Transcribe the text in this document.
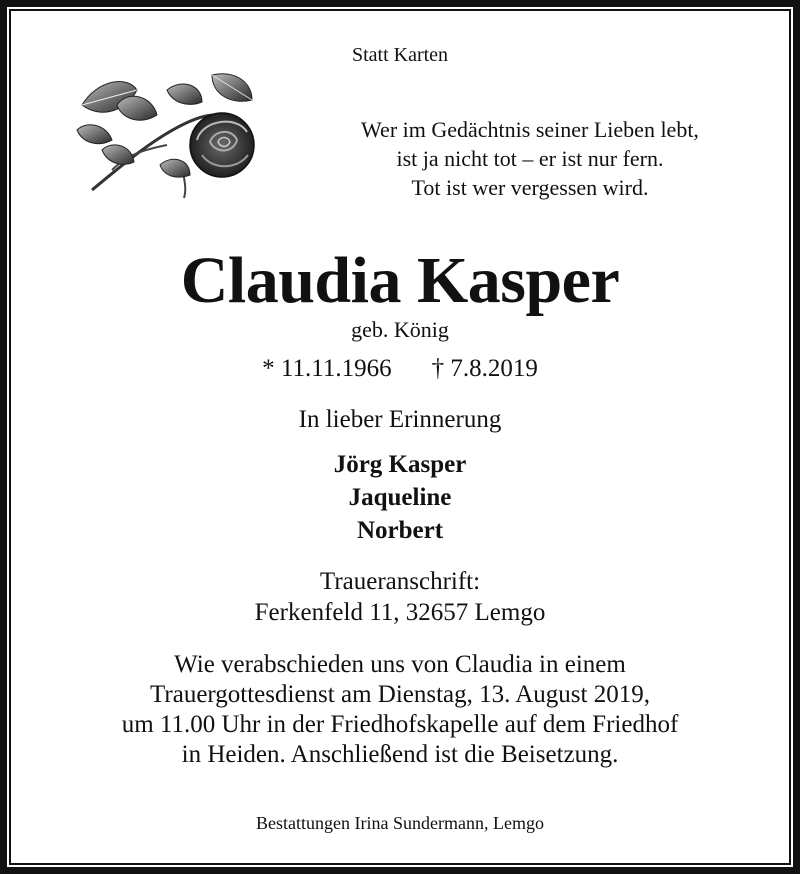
Statt Karten
Wer im Gedächtnis seiner Lieben lebt,
ist ja nicht tot – er ist nur fern.
Tot ist wer vergessen wird.
Claudia Kasper
geb. König
* 11.11.1966 † 7.8.2019
In lieber Erinnerung
Jörg Kasper
Jaqueline
Norbert
Traueranschrift:
Ferkenfeld 11, 32657 Lemgo
Wie verabschieden uns von Claudia in einem
Trauergottesdienst am Dienstag, 13. August 2019,
um 11.00 Uhr in der Friedhofskapelle auf dem Friedhof
in Heiden. Anschließend ist die Beisetzung.
Bestattungen Irina Sundermann, Lemgo
